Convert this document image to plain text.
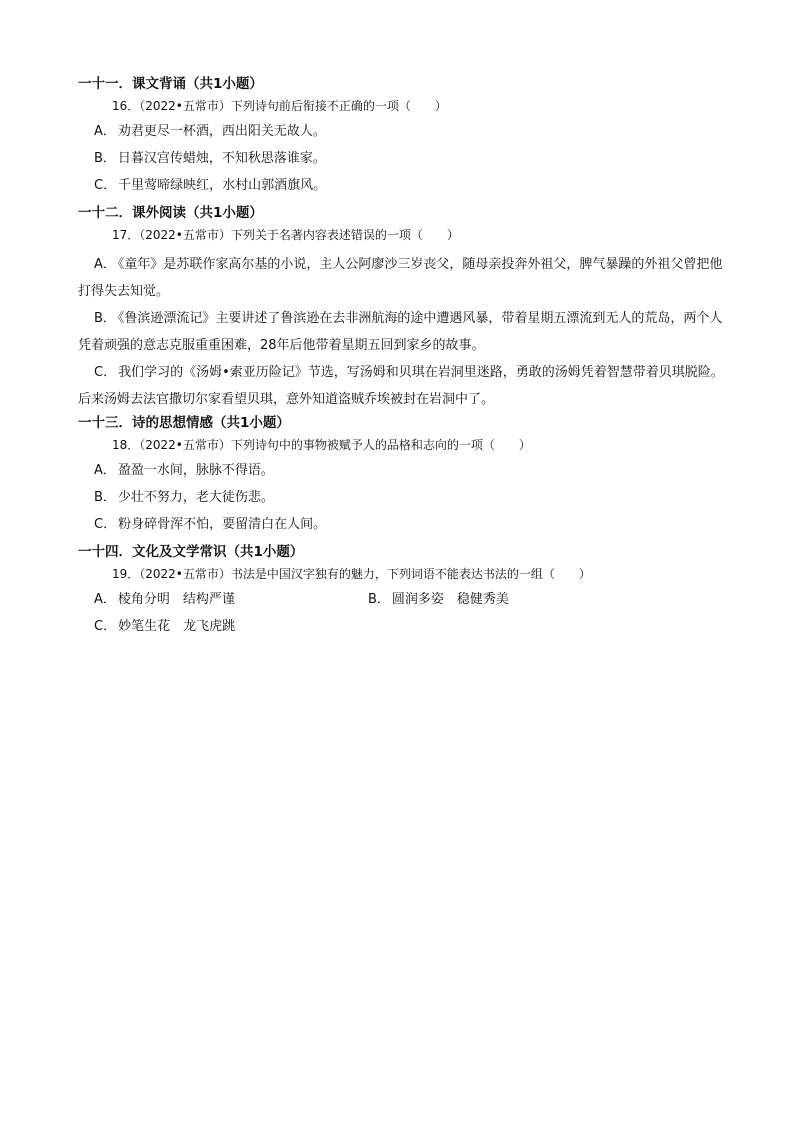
一十一．课文背诵（共1小题）
16．（2022•五常市）下列诗句前后衔接不正确的一项（　　）
A． 劝君更尽一杯酒，西出阳关无故人。
B． 日暮汉宫传蜡烛，不知秋思落谁家。
C． 千里莺啼绿映红，水村山郭酒旗风。
一十二．课外阅读（共1小题）
17．（2022•五常市）下列关于名著内容表述错误的一项（　　）
A． 《童年》是苏联作家高尔基的小说，主人公阿廖沙三岁丧父，随母亲投奔外祖父，脾气暴躁的外祖父曾把他打得失去知觉。
B． 《鲁滨逊漂流记》主要讲述了鲁滨逊在去非洲航海的途中遭遇风暴，带着星期五漂流到无人的荒岛，两个人凭着顽强的意志克服重重困难，28年后他带着星期五回到家乡的故事。
C． 我们学习的《汤姆•索亚历险记》节选，写汤姆和贝琪在岩洞里迷路，勇敢的汤姆凭着智慧带着贝琪脱险。后来汤姆去法官撒切尔家看望贝琪，意外知道盗贼乔埃被封在岩洞中了。
一十三．诗的思想情感（共1小题）
18．（2022•五常市）下列诗句中的事物被赋予人的品格和志向的一项（　　）
A． 盈盈一水间，脉脉不得语。
B． 少壮不努力，老大徒伤悲。
C． 粉身碎骨浑不怕，要留清白在人间。
一十四．文化及文学常识（共1小题）
19．（2022•五常市）书法是中国汉字独有的魅力，下列词语不能表达书法的一组（　　）
A． 棱角分明　结构严谨	B． 圆润多姿　稳健秀美
C． 妙笔生花　龙飞虎跳
